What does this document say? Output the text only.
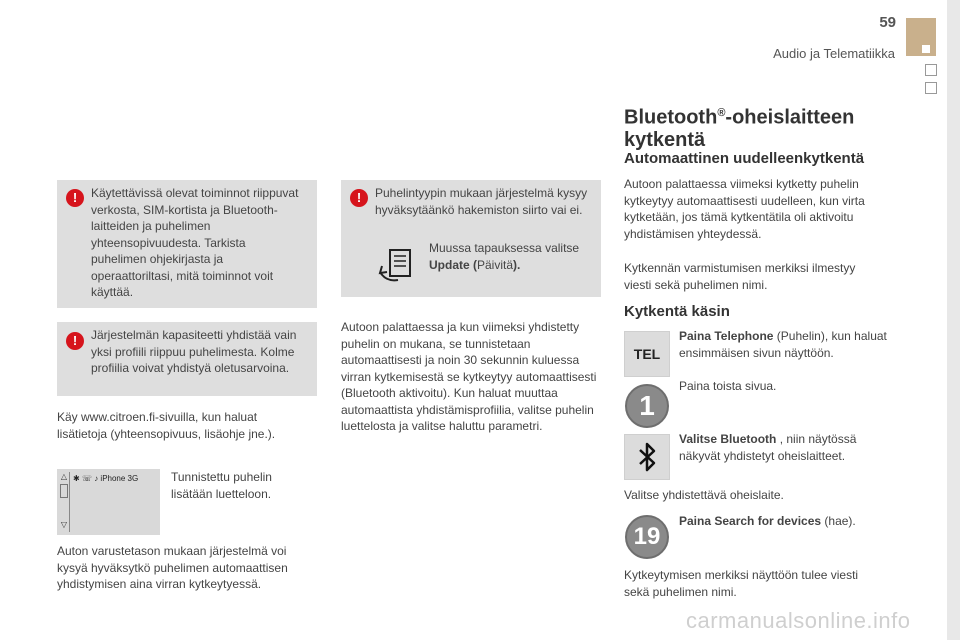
59
Audio ja Telematiikka
!	Käytettävissä olevat toiminnot riippuvat verkosta, SIM-kortista ja Bluetooth-laitteiden ja puhelimen yhteensopivuudesta. Tarkista puhelimen ohjekirjasta ja operaattoriltasi, mitä toiminnot voit käyttää.
!	Järjestelmän kapasiteetti yhdistää vain yksi profiili riippuu puhelimesta. Kolme profiilia voivat yhdistyä oletusarvoina.
Käy www.citroen.fi-sivuilla, kun haluat lisätietoja (yhteensopivuus, lisäohje jne.).
△
▽
✱ ☏ ♪ iPhone 3G	Tunnistettu puhelin lisätään luetteloon.
Auton varustetason mukaan järjestelmä voi kysyä hyväksytkö puhelimen automaattisen yhdistymisen aina virran kytkeytyessä.
!	Puhelintyypin mukaan järjestelmä kysyy hyväksytäänkö hakemiston siirto vai ei.
Muussa tapauksessa valitse
Update (Päivitä).
Autoon palattaessa ja kun viimeksi yhdistetty puhelin on mukana, se tunnistetaan automaattisesti ja noin 30 sekunnin kuluessa virran kytkemisestä se kytkeytyy automaattisesti (Bluetooth aktivoitu). Kun haluat muuttaa automaattista yhdistämisprofiilia, valitse puhelin luettelosta ja valitse haluttu parametri.
Bluetooth®-oheislaitteen kytkentä
Automaattinen uudelleenkytkentä
Autoon palattaessa viimeksi kytketty puhelin kytkeytyy automaattisesti uudelleen, kun virta kytketään, jos tämä kytkentätila oli aktivoitu yhdistämisen yhteydessä.
Kytkennän varmistumisen merkiksi ilmestyy viesti sekä puhelimen nimi.
Kytkentä käsin
TEL
Paina Telephone (Puhelin), kun haluat ensimmäisen sivun näyttöön.
1
Paina toista sivua.
Valitse Bluetooth , niin näytössä näkyvät yhdistetyt oheislaitteet.
Valitse yhdistettävä oheislaite.
19
Paina Search for devices (hae).
Kytkeytymisen merkiksi näyttöön tulee viesti sekä puhelimen nimi.
carmanualsonline.info
